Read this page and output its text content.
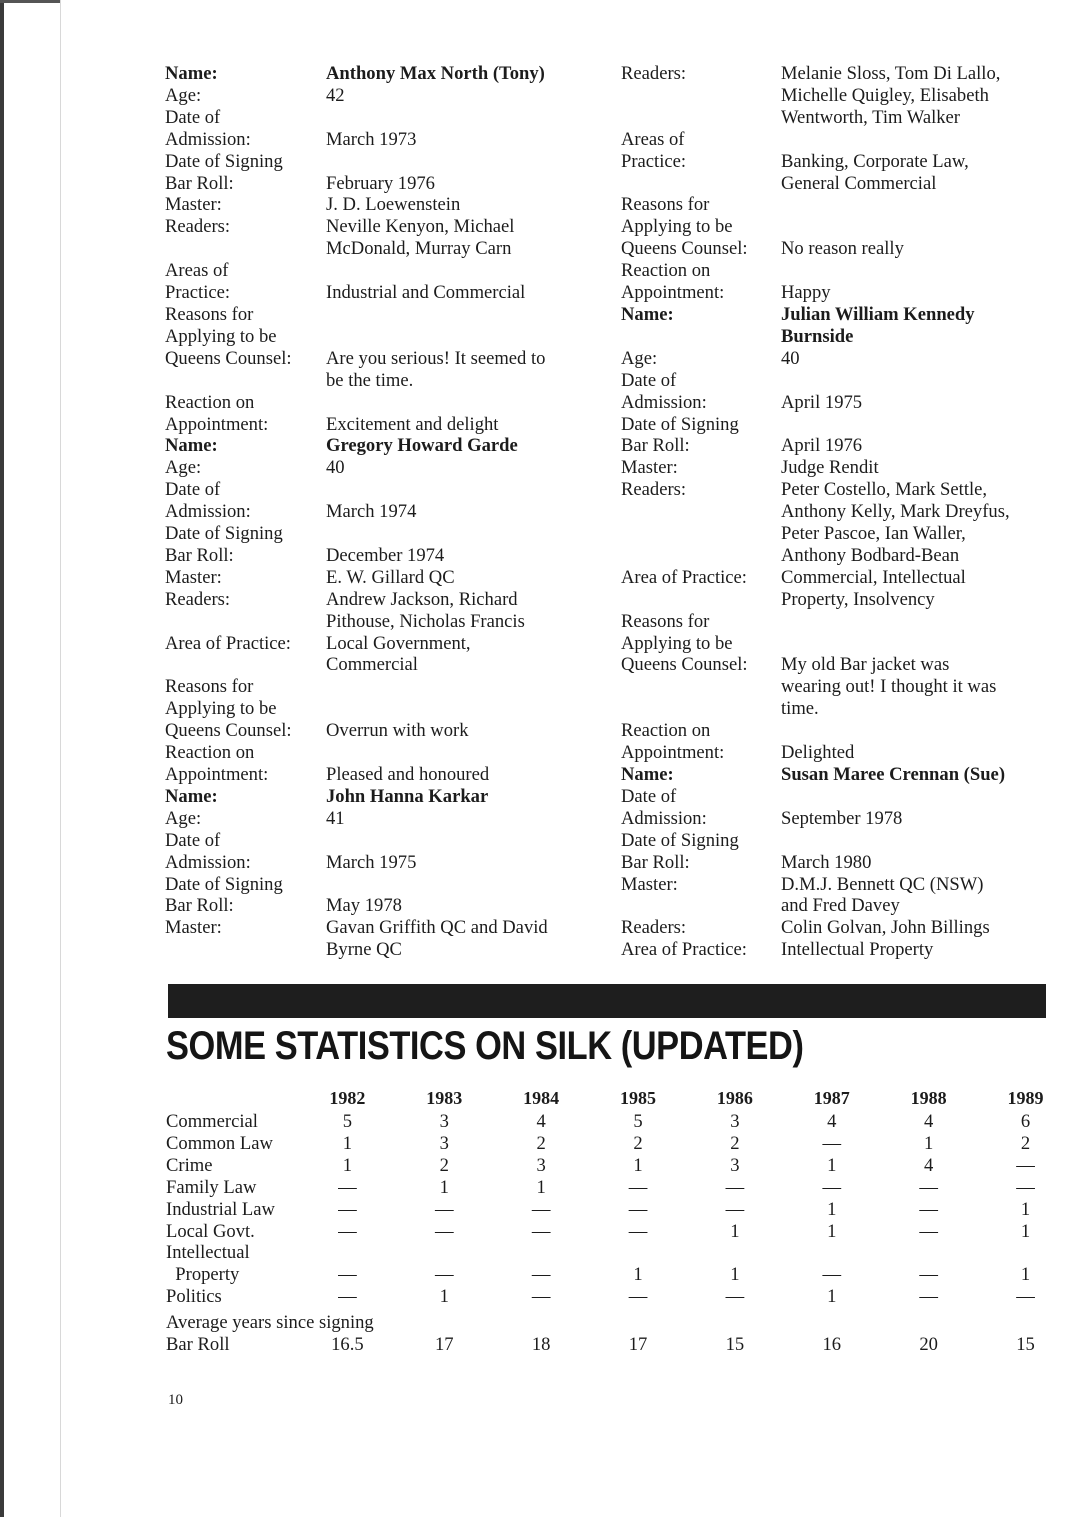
Name:	Anthony Max North (Tony)
Age:	42
Date of
Admission:	
March 1973
Date of Signing
Bar Roll:	
February 1976
Master:	J. D. Loewenstein
Readers:	Neville Kenyon, Michael
McDonald, Murray Carn
Areas of
Practice:	
Industrial and Commercial
Reasons for
Applying to be
Queens Counsel:	

Are you serious! It seemed to
be the time.
Reaction on
Appointment:	
Excitement and delight
Name:	Gregory Howard Garde
Age:	40
Date of
Admission:	
March 1974
Date of Signing
Bar Roll:	
December 1974
Master:	E. W. Gillard QC
Readers:	Andrew Jackson, Richard
Pithouse, Nicholas Francis
Area of Practice:	Local Government,
Commercial
Reasons for
Applying to be
Queens Counsel:	

Overrun with work
Reaction on
Appointment:	
Pleased and honoured
Name:	John Hanna Karkar
Age:	41
Date of
Admission:	
March 1975
Date of Signing
Bar Roll:	
May 1978
Master:	Gavan Griffith QC and David
Byrne QC
Readers:	Melanie Sloss, Tom Di Lallo,
Michelle Quigley, Elisabeth
Wentworth, Tim Walker
Areas of
Practice:	
Banking, Corporate Law,
General Commercial
Reasons for
Applying to be
Queens Counsel:	

No reason really
Reaction on
Appointment:	
Happy
Name:	Julian William Kennedy
Burnside
Age:	40
Date of
Admission:	
April 1975
Date of Signing
Bar Roll:	
April 1976
Master:	Judge Rendit
Readers:	Peter Costello, Mark Settle,
Anthony Kelly, Mark Dreyfus,
Peter Pascoe, Ian Waller,
Anthony Bodbard-Bean
Area of Practice:	Commercial, Intellectual
Property, Insolvency
Reasons for
Applying to be
Queens Counsel:	

My old Bar jacket was
wearing out! I thought it was
time.
Reaction on
Appointment:	
Delighted
Name:	Susan Maree Crennan (Sue)
Date of
Admission:	
September 1978
Date of Signing
Bar Roll:	
March 1980
Master:	D.M.J. Bennett QC (NSW)
and Fred Davey
Readers:	Colin Golvan, John Billings
Area of Practice:	Intellectual Property
SOME STATISTICS ON SILK (UPDATED)
	1982	1983	1984	1985	1986	1987	1988	1989
Commercial	5	3	4	5	3	4	4	6
Common Law	1	3	2	2	2	—	1	2
Crime	1	2	3	1	3	1	4	—
Family Law	—	1	1	—	—	—	—	—
Industrial Law	—	—	—	—	—	1	—	1
Local Govt.	—	—	—	—	1	1	—	1
Intellectual
Property	—	—	—	1	1	—	—	1
Politics	—	1	—	—	—	1	—	—
Average years since signing								
Bar Roll	16.5	17	18	17	15	16	20	15
10
